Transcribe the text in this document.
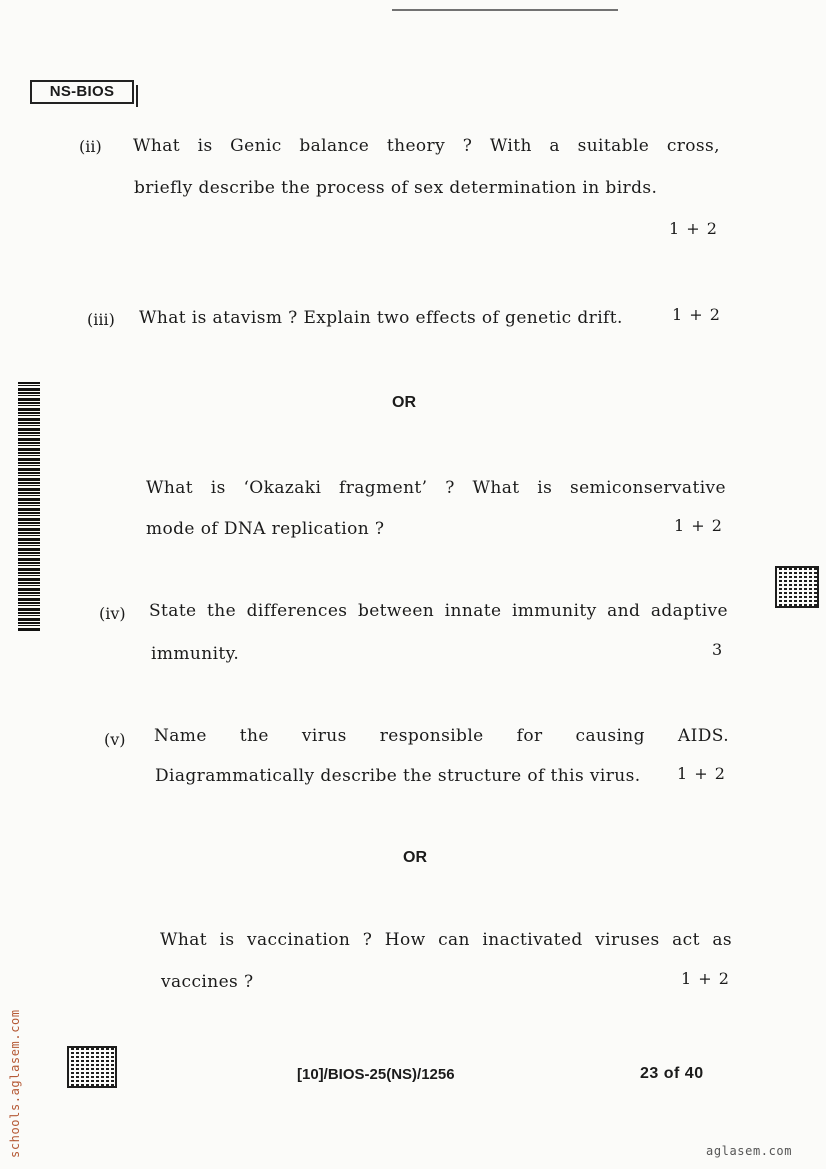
NS-BIOS
(ii) What is Genic balance theory ? With a suitable cross,
briefly describe the process of sex determination in birds.
1 + 2
(iii) What is atavism ? Explain two effects of genetic drift.	1 + 2
OR
What is ‘Okazaki fragment’ ? What is semiconservative
mode of DNA replication ?	1 + 2
(iv) State the differences between innate immunity and adaptive
immunity.	3
(v) Name the virus responsible for causing AIDS.
Diagrammatically describe the structure of this virus. 1 + 2
OR
What is vaccination ? How can inactivated viruses act as
vaccines ?	1 + 2
[10]/BIOS-25(NS)/1256	23 of 40
schools.aglasem.com	aglasem.com
